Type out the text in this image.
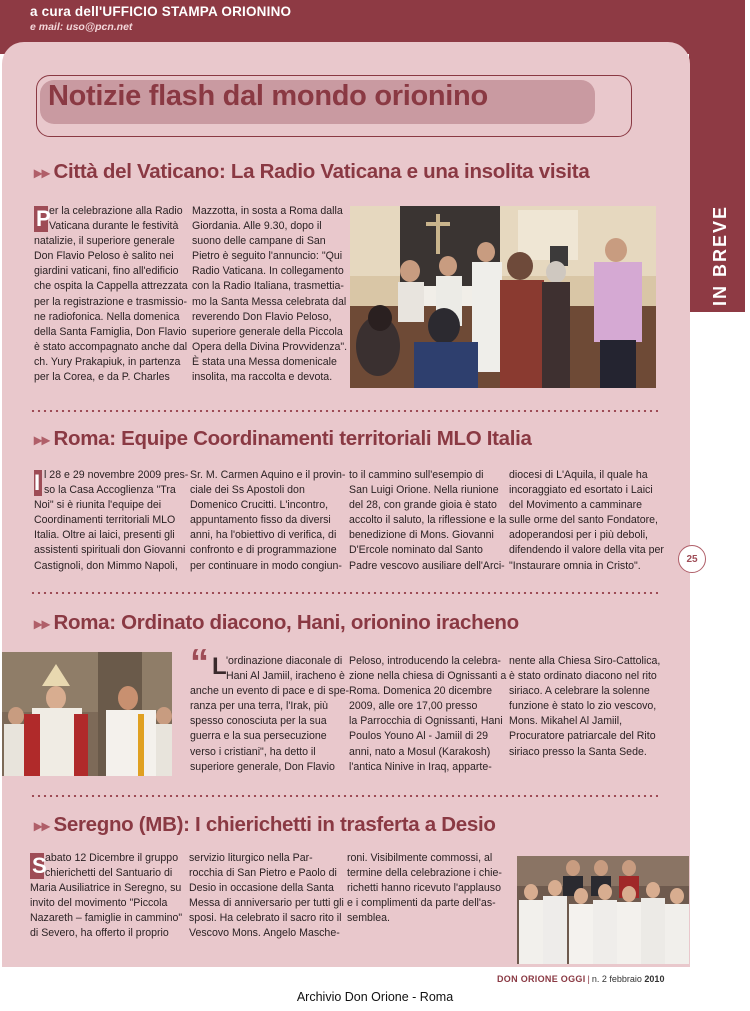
a cura dell'UFFICIO STAMPA ORIONINO
e mail: uso@pcn.net
IN BREVE
Notizie flash dal mondo orionino
▸▸ Città del Vaticano: La Radio Vaticana e una insolita visita
P
er la celebrazione alla Radio
Vaticana durante le festività
natalizie, il superiore generale
Don Flavio Peloso è salito nei
giardini vaticani, fino all'edificio
che ospita la Cappella attrezzata
per la registrazione e trasmissio-
ne radiofonica. Nella domenica
della Santa Famiglia, Don Flavio
è stato accompagnato anche dal
ch. Yury Prakapiuk, in partenza
per la Corea, e da P. Charles
Mazzotta, in sosta a Roma dalla
Giordania. Alle 9.30, dopo il
suono delle campane di San
Pietro è seguito l'annuncio: "Qui
Radio Vaticana. In collegamento
con la Radio Italiana, trasmettia-
mo la Santa Messa celebrata dal
reverendo Don Flavio Peloso,
superiore generale della Piccola
Opera della Divina Provvidenza".
È stata una Messa domenicale
insolita, ma raccolta e devota.
▸▸ Roma: Equipe Coordinamenti territoriali MLO Italia
I l 28 e 29 novembre 2009 pres-
so la Casa Accoglienza "Tra
Noi" si è riunita l'equipe dei
Coordinamenti territoriali MLO
Italia. Oltre ai laici, presenti gli
assistenti spirituali don Giovanni
Castignoli, don Mimmo Napoli,
Sr. M. Carmen Aquino e il provin-
ciale dei Ss Apostoli don
Domenico Crucitti. L'incontro,
appuntamento fisso da diversi
anni, ha l'obiettivo di verifica, di
confronto e di programmazione
per continuare in modo congiun-
to il cammino sull'esempio di
San Luigi Orione. Nella riunione
del 28, con grande gioia è stato
accolto il saluto, la riflessione e la
benedizione di Mons. Giovanni
D'Ercole nominato dal Santo
Padre vescovo ausiliare dell'Arci-
diocesi di L'Aquila, il quale ha
incoraggiato ed esortato i Laici
del Movimento a camminare
sulle orme del santo Fondatore,
adoperandosi per i più deboli,
difendendo il valore della vita per
"Instaurare omnia in Cristo".
25
▸▸ Roma: Ordinato diacono, Hani, orionino iracheno
“ L 'ordinazione diaconale di
Hani Al Jamiil, iracheno è
anche un evento di pace e di spe-
ranza per una terra, l'Irak, più
spesso conosciuta per la sua
guerra e la sua persecuzione
verso i cristiani", ha detto il
superiore generale, Don Flavio
Peloso, introducendo la celebra-
zione nella chiesa di Ognissanti a
Roma. Domenica 20 dicembre
2009, alle ore 17,00 presso
la Parrocchia di Ognissanti, Hani
Poulos Youno Al - Jamiil di 29
anni, nato a Mosul (Karakosh)
l'antica Ninive in Iraq, apparte-
nente alla Chiesa Siro-Cattolica,
è stato ordinato diacono nel rito
siriaco. A celebrare la solenne
funzione è stato lo zio vescovo,
Mons. Mikahel Al Jamiil,
Procuratore patriarcale del Rito
siriaco presso la Santa Sede.
▸▸ Seregno (MB): I chierichetti in trasferta a Desio
S
abato 12 Dicembre il gruppo
chierichetti del Santuario di
Maria Ausiliatrice in Seregno, su
invito del movimento "Piccola
Nazareth – famiglie in cammino"
di Severo, ha offerto il proprio
servizio liturgico nella Par-
rocchia di San Pietro e Paolo di
Desio in occasione della Santa
Messa di anniversario per tutti gli
sposi. Ha celebrato il sacro rito il
Vescovo Mons. Angelo Masche-
roni. Visibilmente commossi, al
termine della celebrazione i chie-
richetti hanno ricevuto l'applauso
e i complimenti da parte dell'as-
semblea.
DON ORIONE OGGI | n. 2 febbraio 2010
Archivio Don Orione - Roma
